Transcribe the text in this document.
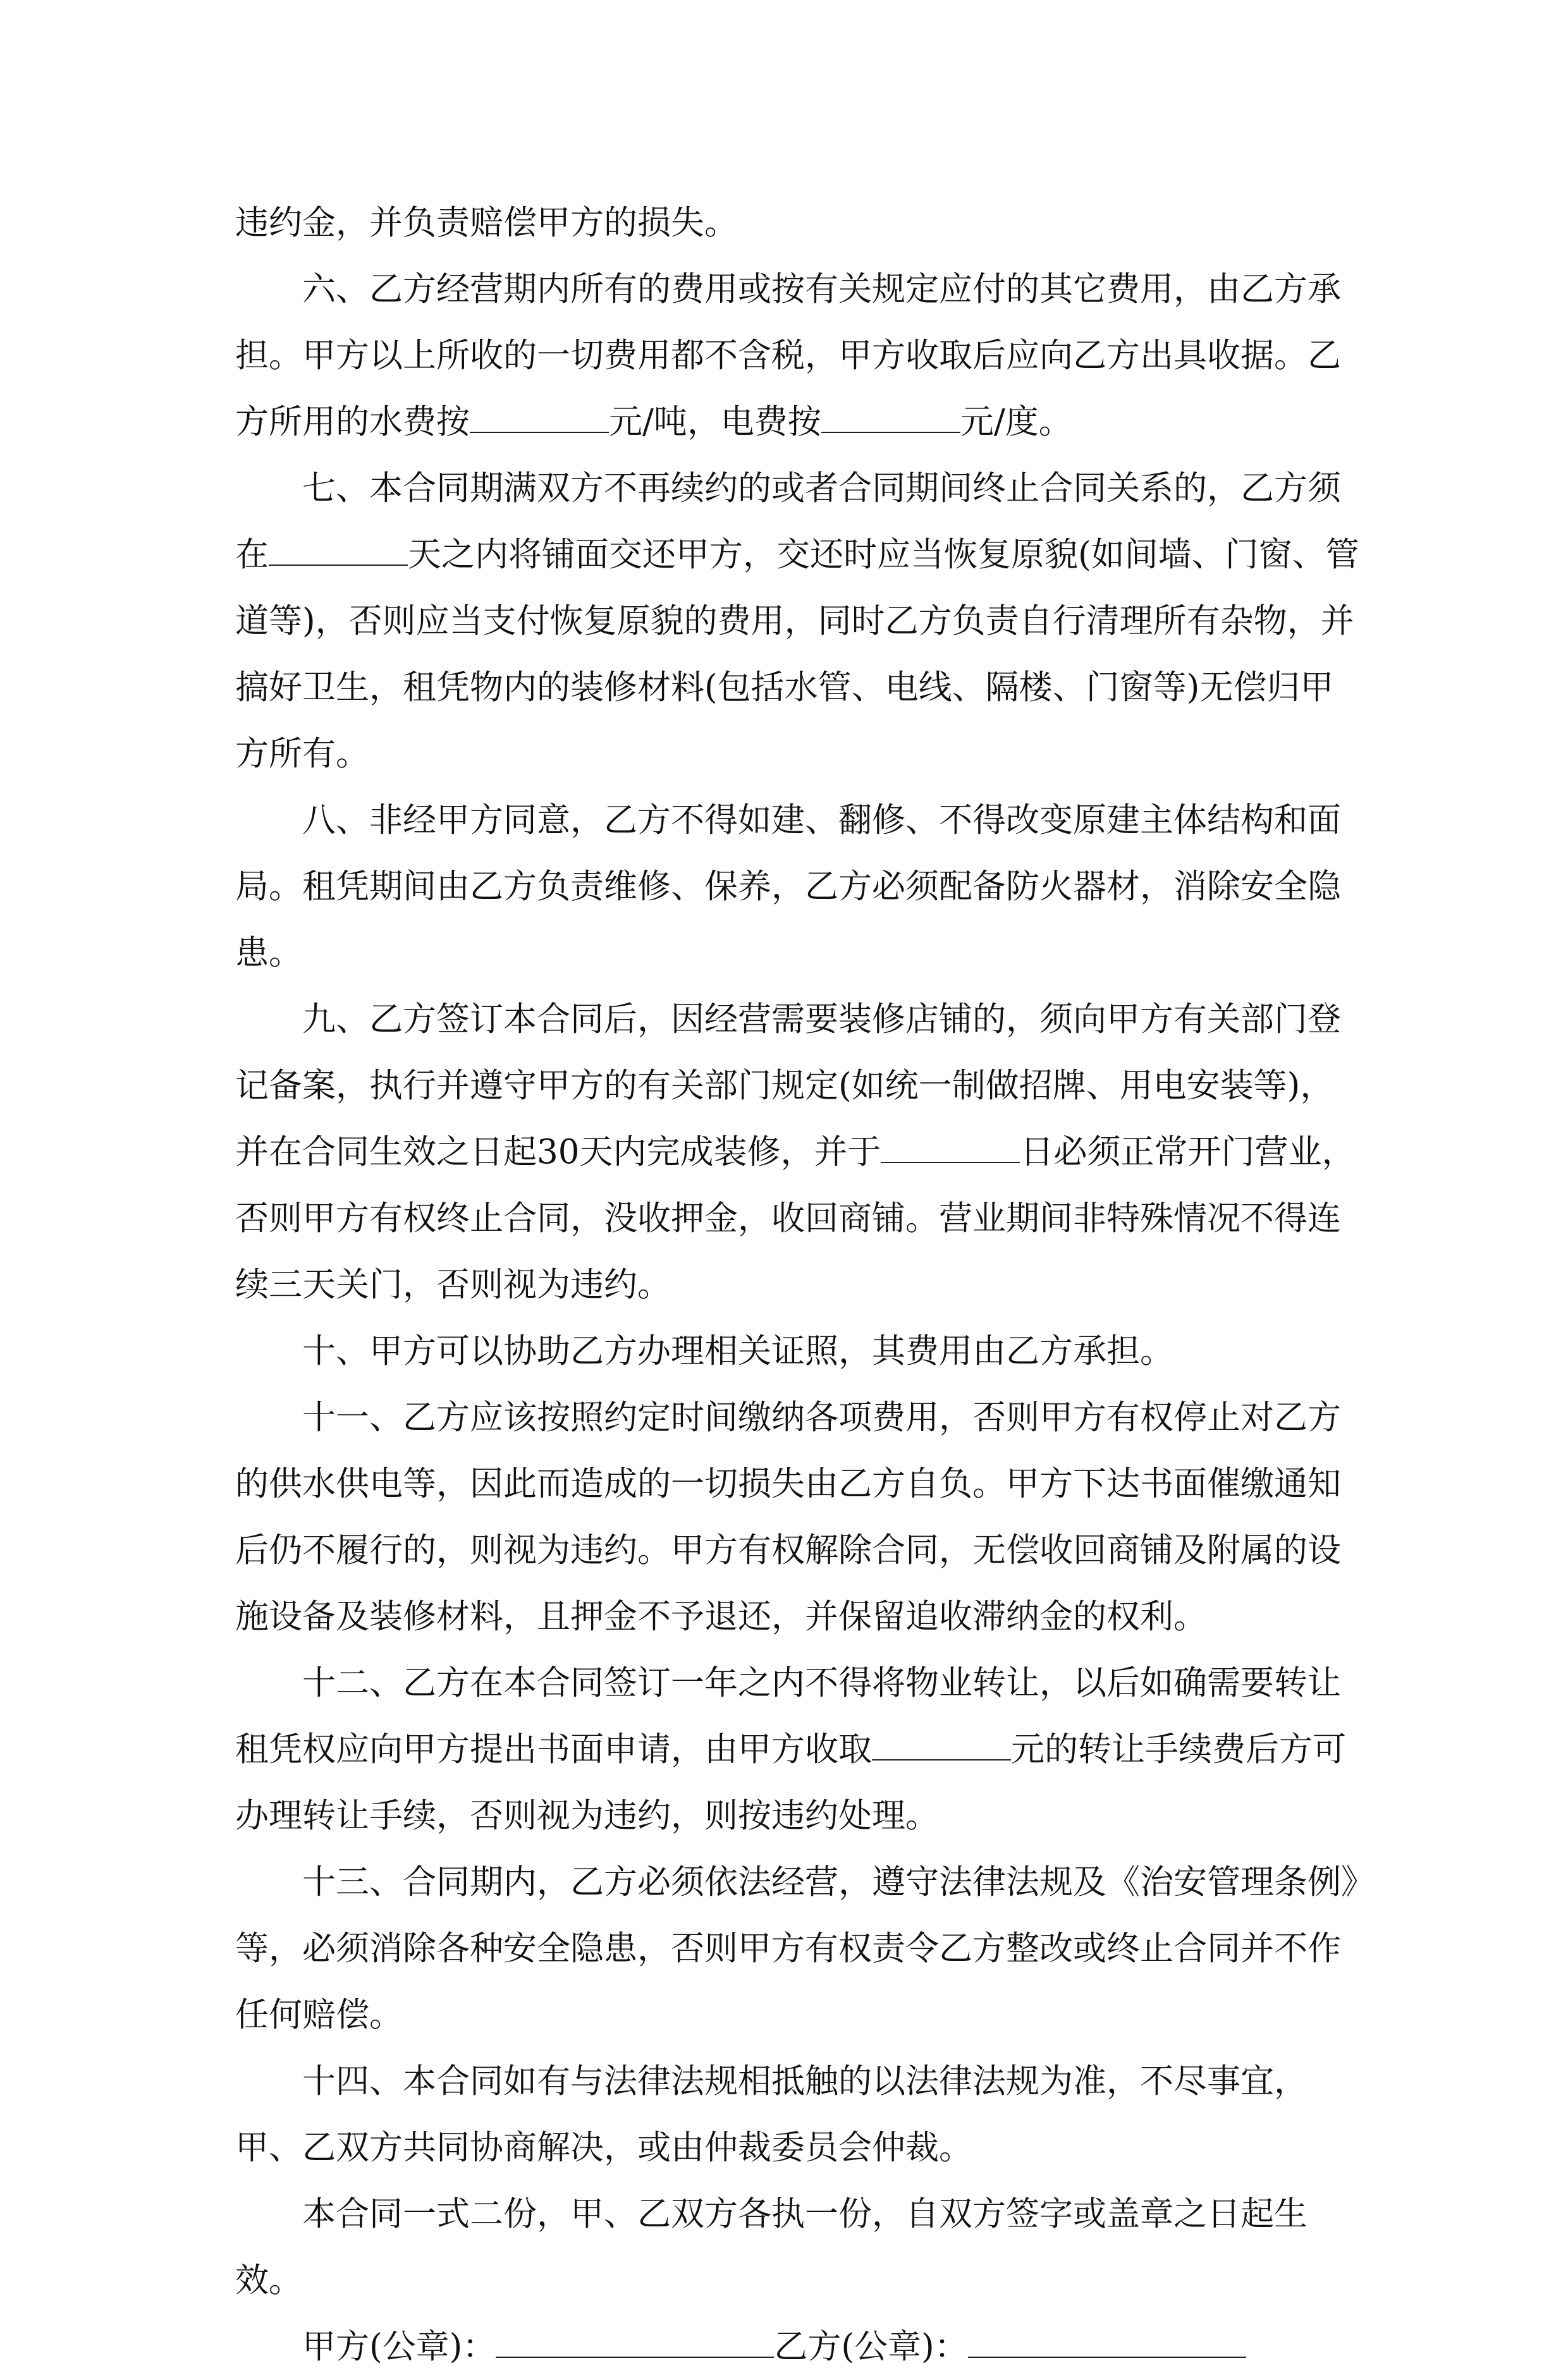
违约金，并负责赔偿甲方的损失。

六、乙方经营期内所有的费用或按有关规定应付的其它费用，由乙方承担。甲方以上所收的一切费用都不含税，甲方收取后应向乙方出具收据。乙方所用的水费按	元/吨，电费按	元/度。

七、本合同期满双方不再续约的或者合同期间终止合同关系的，乙方须在	天之内将铺面交还甲方，交还时应当恢复原貌(如间墙、门窗、管道等)，否则应当支付恢复原貌的费用，同时乙方负责自行清理所有杂物，并搞好卫生，租凭物内的装修材料(包括水管、电线、隔楼、门窗等)无偿归甲方所有。

八、非经甲方同意，乙方不得如建、翻修、不得改变原建主体结构和面局。租凭期间由乙方负责维修、保养，乙方必须配备防火器材，消除安全隐患。

九、乙方签订本合同后，因经营需要装修店铺的，须向甲方有关部门登记备案，执行并遵守甲方的有关部门规定(如统一制做招牌、用电安装等)，并在合同生效之日起30天内完成装修，并于	日必须正常开门营业，否则甲方有权终止合同，没收押金，收回商铺。营业期间非特殊情况不得连续三天关门，否则视为违约。

十、甲方可以协助乙方办理相关证照，其费用由乙方承担。

十一、乙方应该按照约定时间缴纳各项费用，否则甲方有权停止对乙方的供水供电等，因此而造成的一切损失由乙方自负。甲方下达书面催缴通知后仍不履行的，则视为违约。甲方有权解除合同，无偿收回商铺及附属的设施设备及装修材料，且押金不予退还，并保留追收滞纳金的权利。

十二、乙方在本合同签订一年之内不得将物业转让，以后如确需要转让租凭权应向甲方提出书面申请，由甲方收取	元的转让手续费后方可办理转让手续，否则视为违约，则按违约处理。

十三、合同期内，乙方必须依法经营，遵守法律法规及《治安管理条例》等，必须消除各种安全隐患，否则甲方有权责令乙方整改或终止合同并不作任何赔偿。

十四、本合同如有与法律法规相抵触的以法律法规为准，不尽事宜，甲、乙双方共同协商解决，或由仲裁委员会仲裁。

本合同一式二份，甲、乙双方各执一份，自双方签字或盖章之日起生效。

甲方(公章)：	乙方(公章)：
